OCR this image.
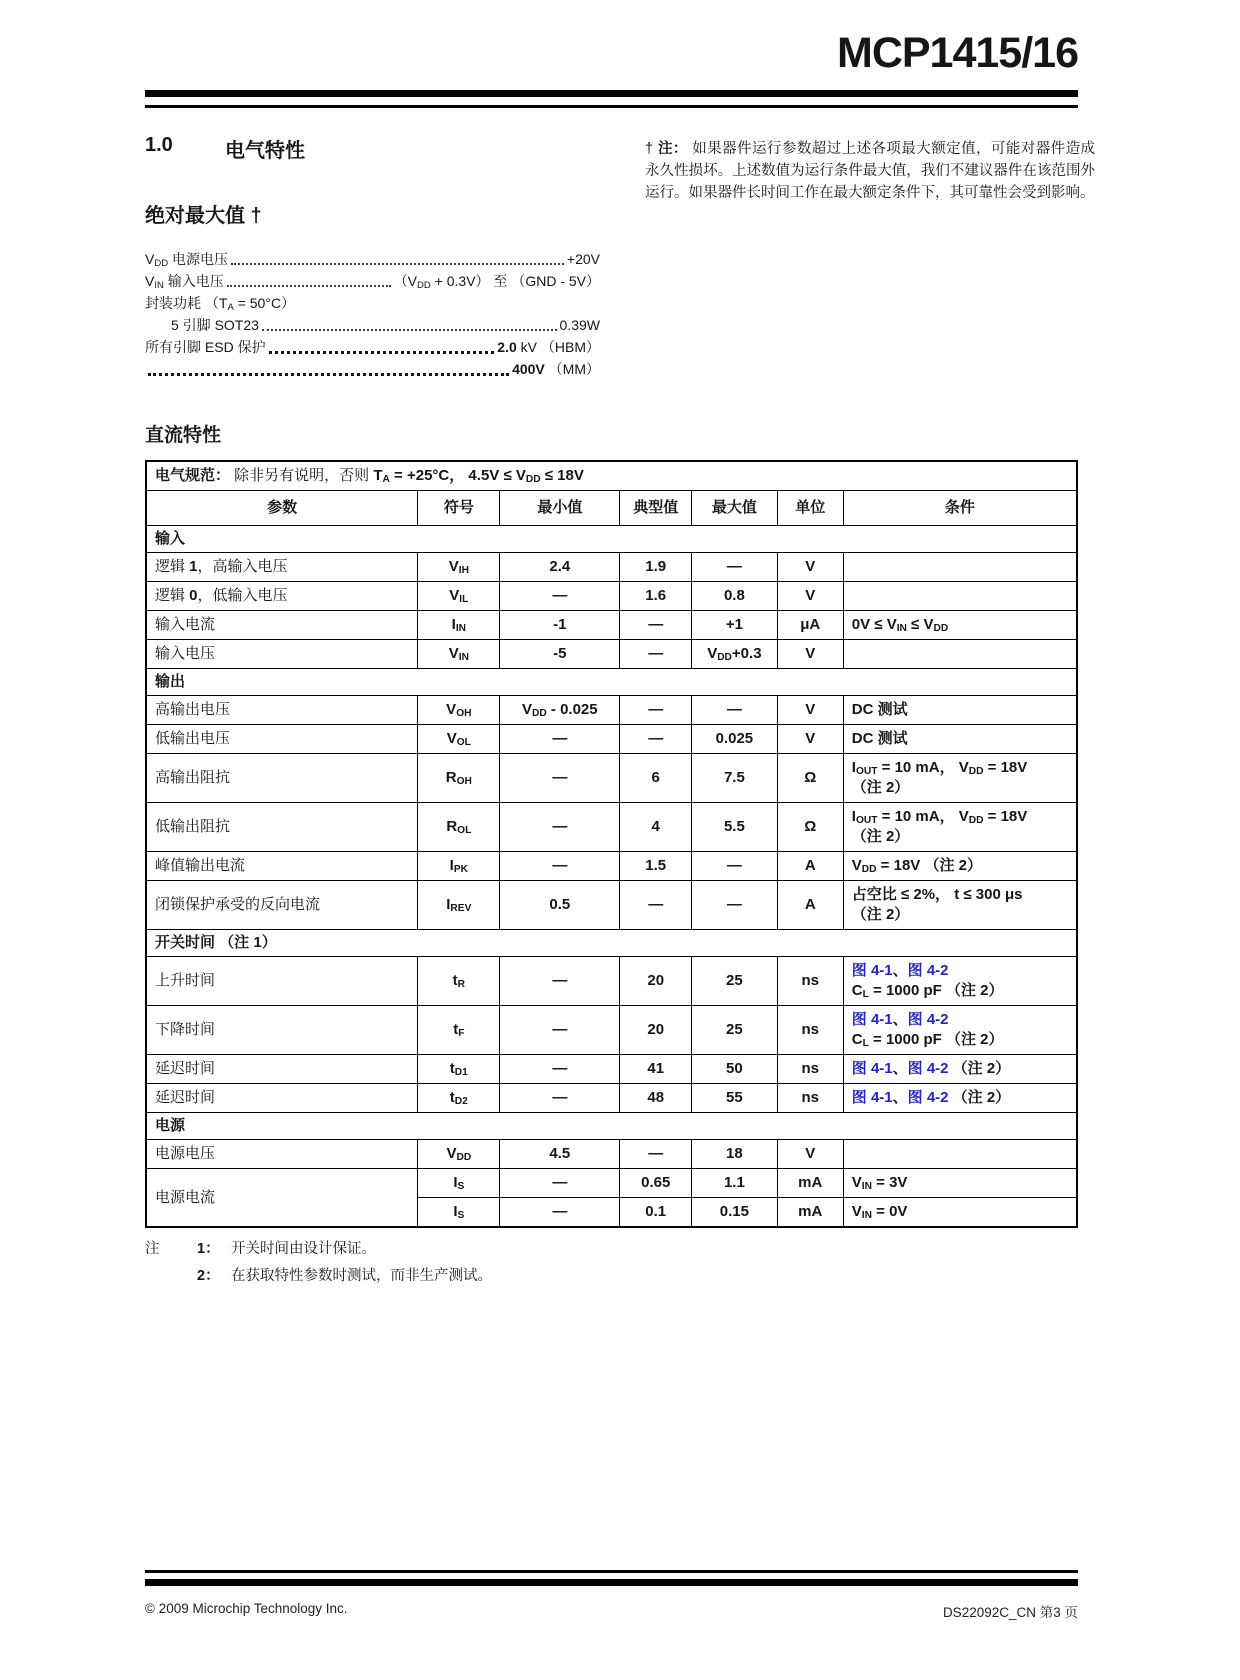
MCP1415/16
1.0	电气特性
绝对最大值 †
$V_{DD}$ 电源电压	+20V
$V_{IN}$ 输入电压	$(V_{DD} + 0.3V)$ 至 （GND - 5V）
封装功耗 $(T_A = 50^\circ C)$
5 引脚 SOT23	0.39W
所有引脚 ESD 保护	2.0 kV （HBM）
400V （MM）
† 注： 如果器件运行参数超过上述各项最大额定值，可能对器件造成永久性损坏。上述数值为运行条件最大值，我们不建议器件在该范围外运行。如果器件长时间工作在最大额定条件下，其可靠性会受到影响。
直流特性
电气规范： 除非另有说明，否则 $T_A = +25^\circ C$， $4.5V \le V_{DD} \le 18V$						
参数	符号	最小值	典型值	最大值	单位	条件
输入						
逻辑 1，高输入电压	$V_{IH}$	2.4	1.9	—	V	
逻辑 0，低输入电压	$V_{IL}$	—	1.6	0.8	V	
输入电流	$I_{IN}$	-1	—	+1	μA	$0V \le V_{IN} \le V_{DD}$
输入电压	$V_{IN}$	-5	—	$V_{DD}+0.3$	V	
输出						
高输出电压	$V_{OH}$	$V_{DD} - 0.025$	—	—	V	DC 测试
低输出电压	$V_{OL}$	—	—	0.025	V	DC 测试
高输出阻抗	$R_{OH}$	—	6	7.5	Ω	$I_{OUT} = 10$ mA， $V_{DD} = 18V$
（注 2）
低输出阻抗	$R_{OL}$	—	4	5.5	Ω	$I_{OUT} = 10$ mA， $V_{DD} = 18V$
（注 2）
峰值输出电流	$I_{PK}$	—	1.5	—	A	$V_{DD} = 18V$ （注 2）
闭锁保护承受的反向电流	$I_{REV}$	0.5	—	—	A	占空比 ≤ 2%， t ≤ 300 μs
（注 2）
开关时间 （注 1）						
上升时间	$t_R$	—	20	25	ns	图 4-1、图 4-2
$C_L = 1000$ pF （注 2）
下降时间	$t_F$	—	20	25	ns	图 4-1、图 4-2
$C_L = 1000$ pF （注 2）
延迟时间	$t_{D1}$	—	41	50	ns	图 4-1、图 4-2 （注 2）
延迟时间	$t_{D2}$	—	48	55	ns	图 4-1、图 4-2 （注 2）
电源						
电源电压	$V_{DD}$	4.5	—	18	V	
电源电流	$I_S$	—	0.65	1.1	mA	$V_{IN} = 3V$
	$I_S$	—	0.1	0.15	mA	$V_{IN} = 0V$
注	1： 开关时间由设计保证。
2： 在获取特性参数时测试，而非生产测试。
© 2009 Microchip Technology Inc.	DS22092C_CN 第3 页
